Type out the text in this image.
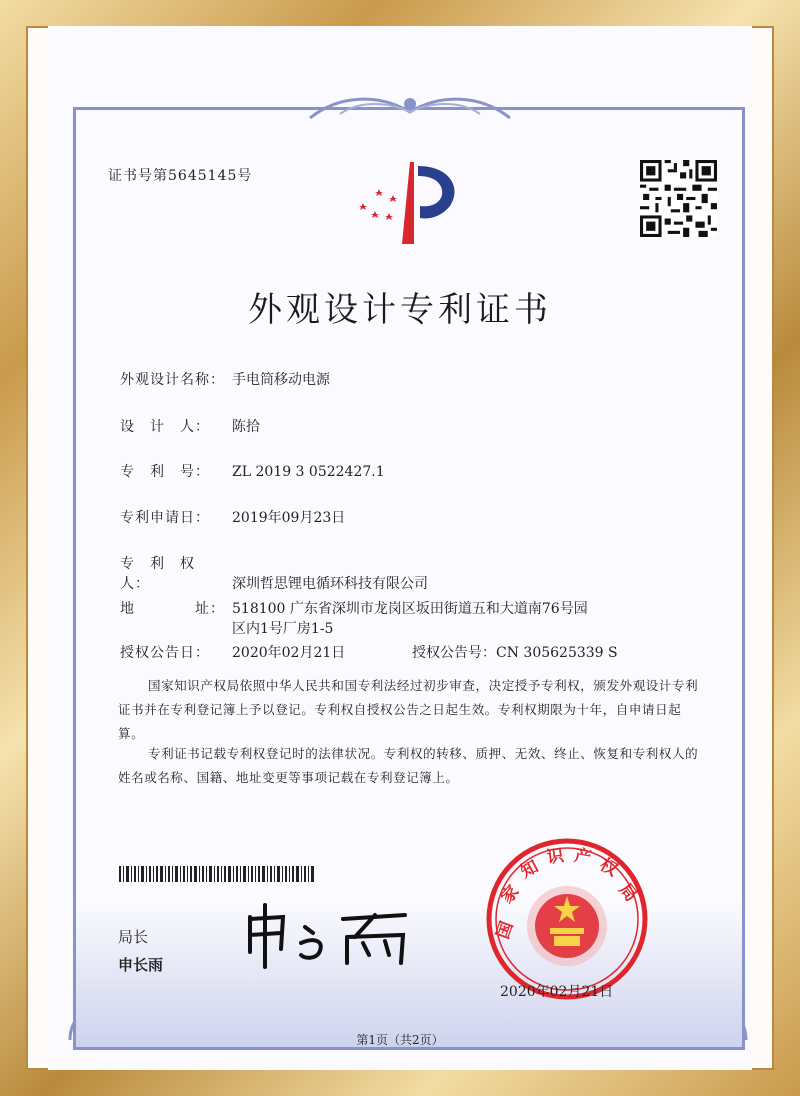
证书号第5645145号
外观设计专利证书
外观设计名称： 手电筒移动电源
设　计　人： 陈拾
专　利　号： ZL 2019 3 0522427.1
专利申请日： 2019年09月23日
专　利　权　人：	深圳哲思锂电循环科技有限公司
地　　　　址： 518100 广东省深圳市龙岗区坂田街道五和大道南76号园
区内1号厂房1-5
授权公告日： 2020年02月21日	授权公告号：CN 305625339 S
国家知识产权局依照中华人民共和国专利法经过初步审查，决定授予专利权，颁发外观设计专利证书并在专利登记簿上予以登记。专利权自授权公告之日起生效。专利权期限为十年，自申请日起算。
专利证书记载专利权登记时的法律状况。专利权的转移、质押、无效、终止、恢复和专利权人的姓名或名称、国籍、地址变更等事项记载在专利登记簿上。
局长
申长雨
国
家
知 识 产 权
局
2020年02月21日
第1页（共2页）
